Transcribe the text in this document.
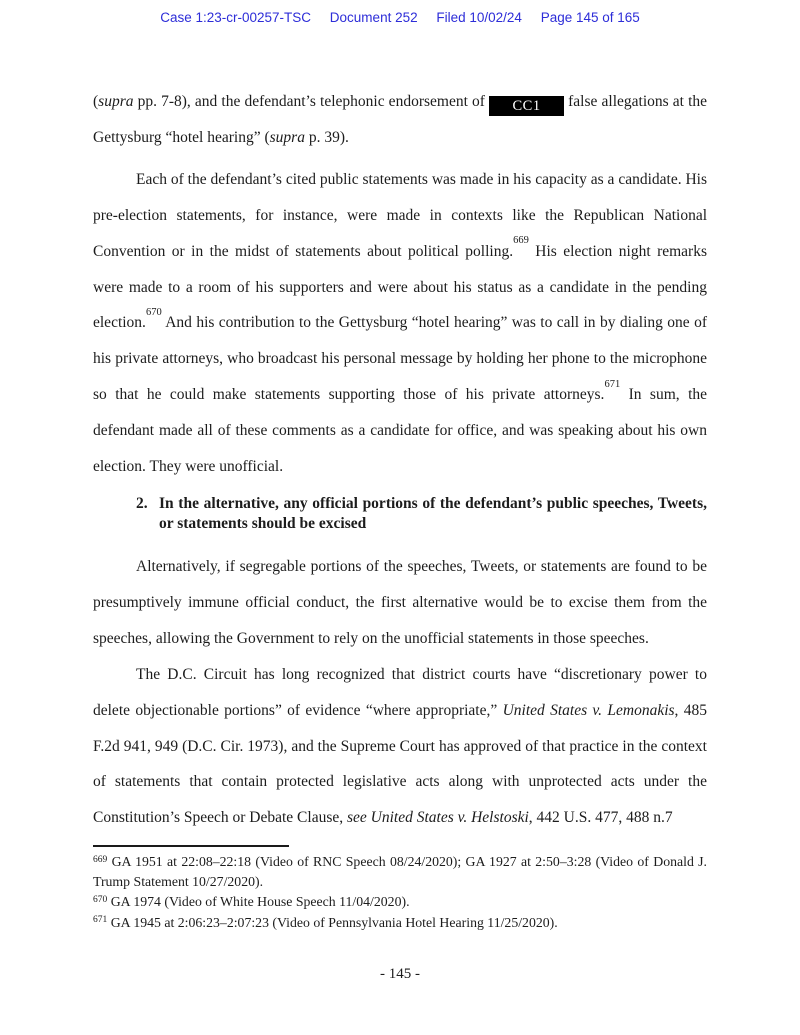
Case 1:23-cr-00257-TSC Document 252 Filed 10/02/24 Page 145 of 165

(supra pp. 7-8), and the defendant’s telephonic endorsement of CC1 false allegations at the Gettysburg “hotel hearing” (supra p. 39).

Each of the defendant’s cited public statements was made in his capacity as a candidate. His pre-election statements, for instance, were made in contexts like the Republican National Convention or in the midst of statements about political polling.$^{669}$ His election night remarks were made to a room of his supporters and were about his status as a candidate in the pending election.$^{670}$ And his contribution to the Gettysburg “hotel hearing” was to call in by dialing one of his private attorneys, who broadcast his personal message by holding her phone to the microphone so that he could make statements supporting those of his private attorneys.$^{671}$ In sum, the defendant made all of these comments as a candidate for office, and was speaking about his own election. They were unofficial.

2. In the alternative, any official portions of the defendant’s public speeches, Tweets, or statements should be excised

Alternatively, if segregable portions of the speeches, Tweets, or statements are found to be presumptively immune official conduct, the first alternative would be to excise them from the speeches, allowing the Government to rely on the unofficial statements in those speeches.

The D.C. Circuit has long recognized that district courts have “discretionary power to delete objectionable portions” of evidence “where appropriate,” United States v. Lemonakis, 485 F.2d 941, 949 (D.C. Cir. 1973), and the Supreme Court has approved of that practice in the context of statements that contain protected legislative acts along with unprotected acts under the Constitution’s Speech or Debate Clause, see United States v. Helstoski, 442 U.S. 477, 488 n.7

$^{669}$ GA 1951 at 22:08–22:18 (Video of RNC Speech 08/24/2020); GA 1927 at 2:50–3:28 (Video of Donald J. Trump Statement 10/27/2020).

$^{670}$ GA 1974 (Video of White House Speech 11/04/2020).

$^{671}$ GA 1945 at 2:06:23–2:07:23 (Video of Pennsylvania Hotel Hearing 11/25/2020).

- 145 -
